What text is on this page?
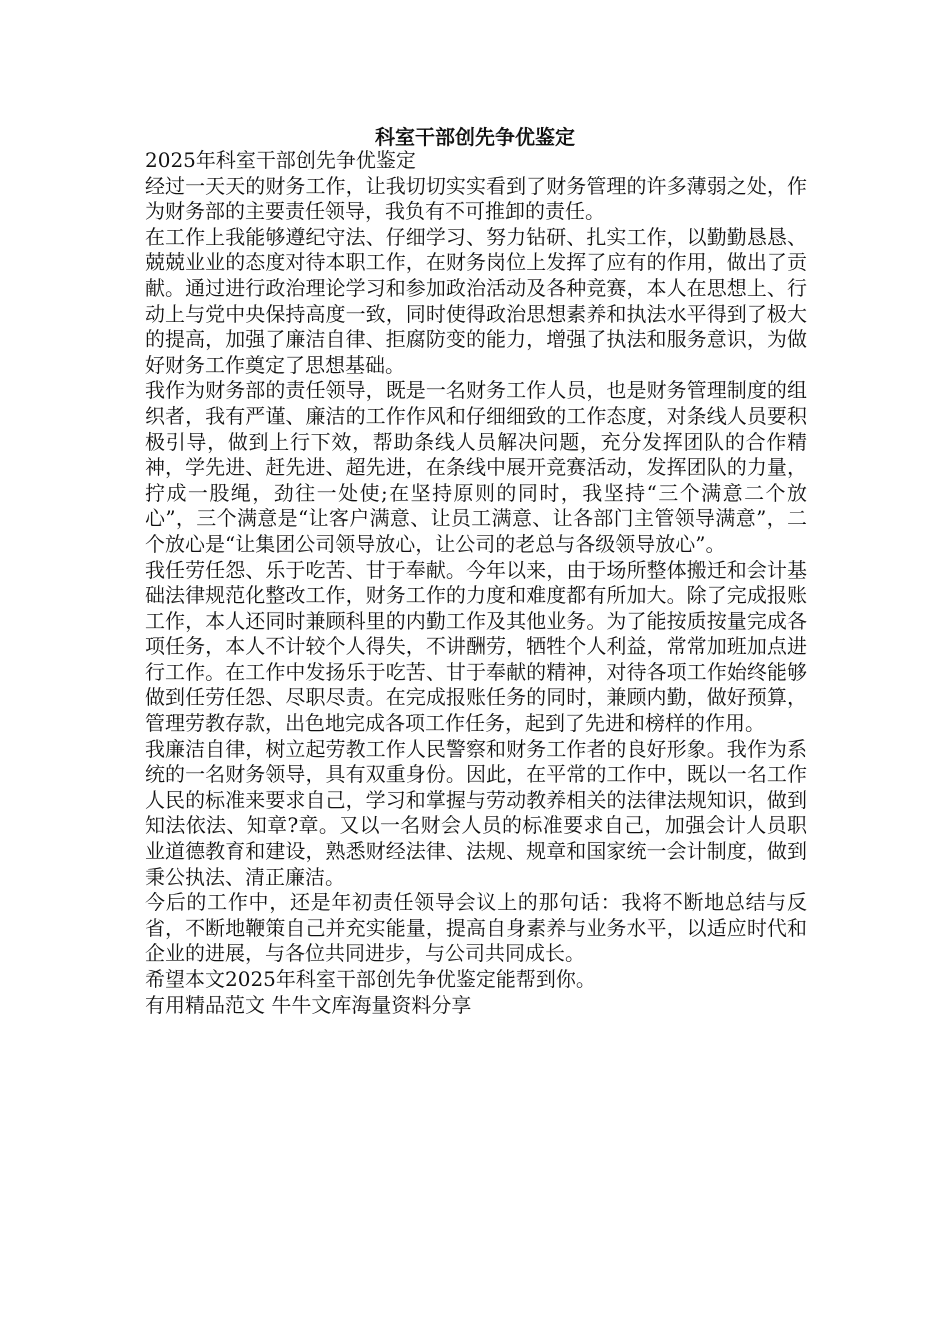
科室干部创先争优鉴定

2025年科室干部创先争优鉴定

经过一天天的财务工作，让我切切实实看到了财务管理的许多薄弱之处，作为财务部的主要责任领导，我负有不可推卸的责任。

在工作上我能够遵纪守法、仔细学习、努力钻研、扎实工作，以勤勤恳恳、兢兢业业的态度对待本职工作，在财务岗位上发挥了应有的作用，做出了贡献。通过进行政治理论学习和参加政治活动及各种竞赛，本人在思想上、行动上与党中央保持高度一致，同时使得政治思想素养和执法水平得到了极大的提高，加强了廉洁自律、拒腐防变的能力，增强了执法和服务意识，为做好财务工作奠定了思想基础。

我作为财务部的责任领导，既是一名财务工作人员，也是财务管理制度的组织者，我有严谨、廉洁的工作作风和仔细细致的工作态度，对条线人员要积极引导，做到上行下效，帮助条线人员解决问题，充分发挥团队的合作精神，学先进、赶先进、超先进，在条线中展开竞赛活动，发挥团队的力量，拧成一股绳，劲往一处使;在坚持原则的同时，我坚持“三个满意二个放心”，三个满意是“让客户满意、让员工满意、让各部门主管领导满意”，二个放心是“让集团公司领导放心，让公司的老总与各级领导放心”。

我任劳任怨、乐于吃苦、甘于奉献。今年以来，由于场所整体搬迁和会计基础法律规范化整改工作，财务工作的力度和难度都有所加大。除了完成报账工作，本人还同时兼顾科里的内勤工作及其他业务。为了能按质按量完成各项任务，本人不计较个人得失，不讲酬劳，牺牲个人利益，常常加班加点进行工作。在工作中发扬乐于吃苦、甘于奉献的精神，对待各项工作始终能够做到任劳任怨、尽职尽责。在完成报账任务的同时，兼顾内勤，做好预算，管理劳教存款，出色地完成各项工作任务，起到了先进和榜样的作用。

我廉洁自律，树立起劳教工作人民警察和财务工作者的良好形象。我作为系统的一名财务领导，具有双重身份。因此，在平常的工作中，既以一名工作人民的标准来要求自己，学习和掌握与劳动教养相关的法律法规知识，做到知法依法、知章?章。又以一名财会人员的标准要求自己，加强会计人员职业道德教育和建设，熟悉财经法律、法规、规章和国家统一会计制度，做到秉公执法、清正廉洁。

今后的工作中，还是年初责任领导会议上的那句话：我将不断地总结与反省，不断地鞭策自己并充实能量，提高自身素养与业务水平，以适应时代和企业的进展，与各位共同进步，与公司共同成长。

希望本文2025年科室干部创先争优鉴定能帮到你。

有用精品范文 牛牛文库海量资料分享
